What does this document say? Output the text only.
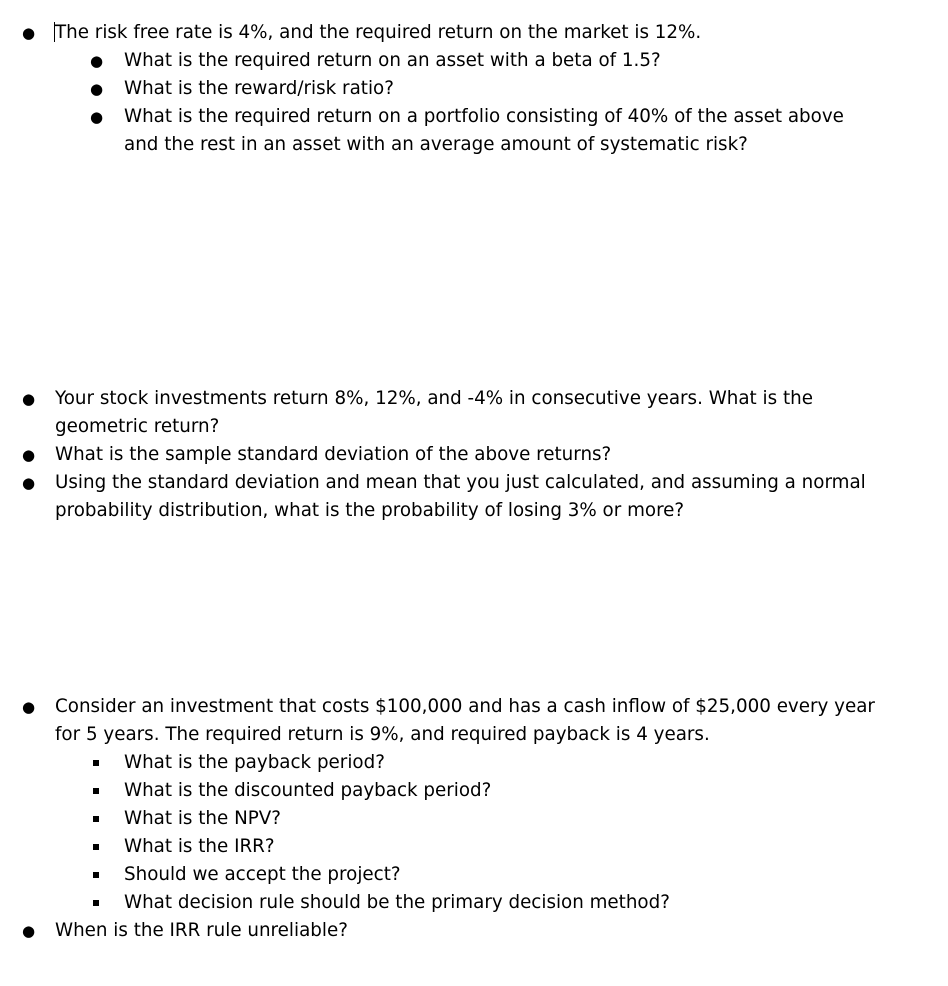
● The risk free rate is 4%, and the required return on the market is 12%.
● What is the required return on an asset with a beta of 1.5?
● What is the reward/risk ratio?
● What is the required return on a portfolio consisting of 40% of the asset above
and the rest in an asset with an average amount of systematic risk?
● Your stock investments return 8%, 12%, and -4% in consecutive years. What is the
geometric return?
● What is the sample standard deviation of the above returns?
● Using the standard deviation and mean that you just calculated, and assuming a normal
probability distribution, what is the probability of losing 3% or more?
● Consider an investment that costs $100,000 and has a cash inflow of $25,000 every year
for 5 years. The required return is 9%, and required payback is 4 years.
What is the payback period?
What is the discounted payback period?
What is the NPV?
What is the IRR?
Should we accept the project?
What decision rule should be the primary decision method?
● When is the IRR rule unreliable?
